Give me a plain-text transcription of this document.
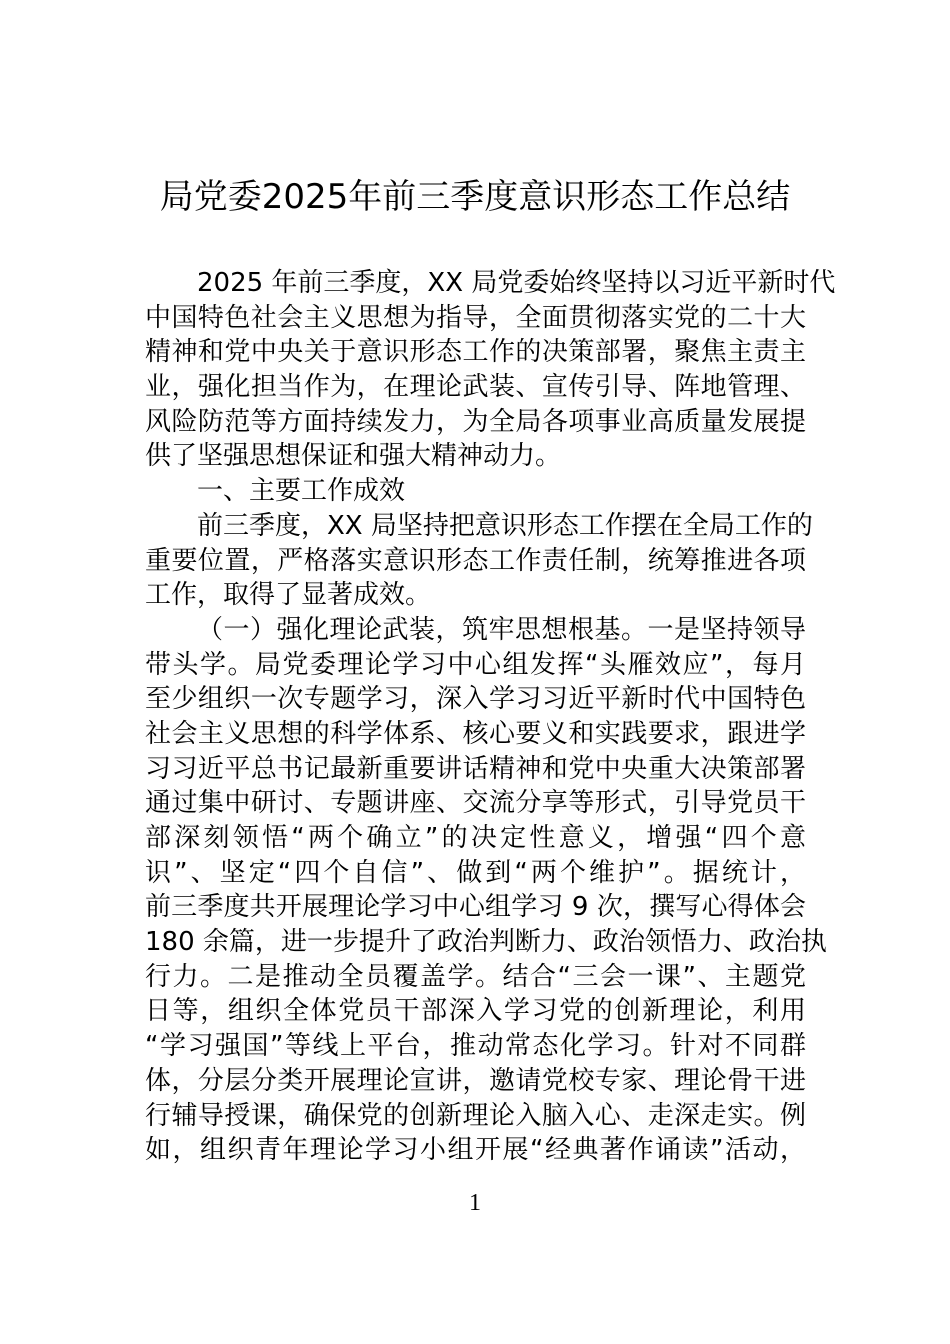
局党委2025年前三季度意识形态工作总结
2025 年前三季度，XX 局党委始终坚持以习近平新时代
中国特色社会主义思想为指导，全面贯彻落实党的二十大
精神和党中央关于意识形态工作的决策部署，聚焦主责主
业，强化担当作为，在理论武装、宣传引导、阵地管理、
风险防范等方面持续发力，为全局各项事业高质量发展提
供了坚强思想保证和强大精神动力。
一、主要工作成效
前三季度，XX 局坚持把意识形态工作摆在全局工作的
重要位置，严格落实意识形态工作责任制，统筹推进各项
工作，取得了显著成效。
（一）强化理论武装，筑牢思想根基。一是坚持领导
带头学。局党委理论学习中心组发挥“头雁效应”，每月
至少组织一次专题学习，深入学习习近平新时代中国特色
社会主义思想的科学体系、核心要义和实践要求，跟进学
习习近平总书记最新重要讲话精神和党中央重大决策部署
通过集中研讨、专题讲座、交流分享等形式，引导党员干
部深刻领悟“两个确立”的决定性意义，增强“四个意
识”、坚定“四个自信”、做到“两个维护”。据统计，
前三季度共开展理论学习中心组学习 9 次，撰写心得体会
180 余篇，进一步提升了政治判断力、政治领悟力、政治执
行力。二是推动全员覆盖学。结合“三会一课”、主题党
日等，组织全体党员干部深入学习党的创新理论，利用
“学习强国”等线上平台，推动常态化学习。针对不同群
体，分层分类开展理论宣讲，邀请党校专家、理论骨干进
行辅导授课，确保党的创新理论入脑入心、走深走实。例
如，组织青年理论学习小组开展“经典著作诵读”活动，
1
